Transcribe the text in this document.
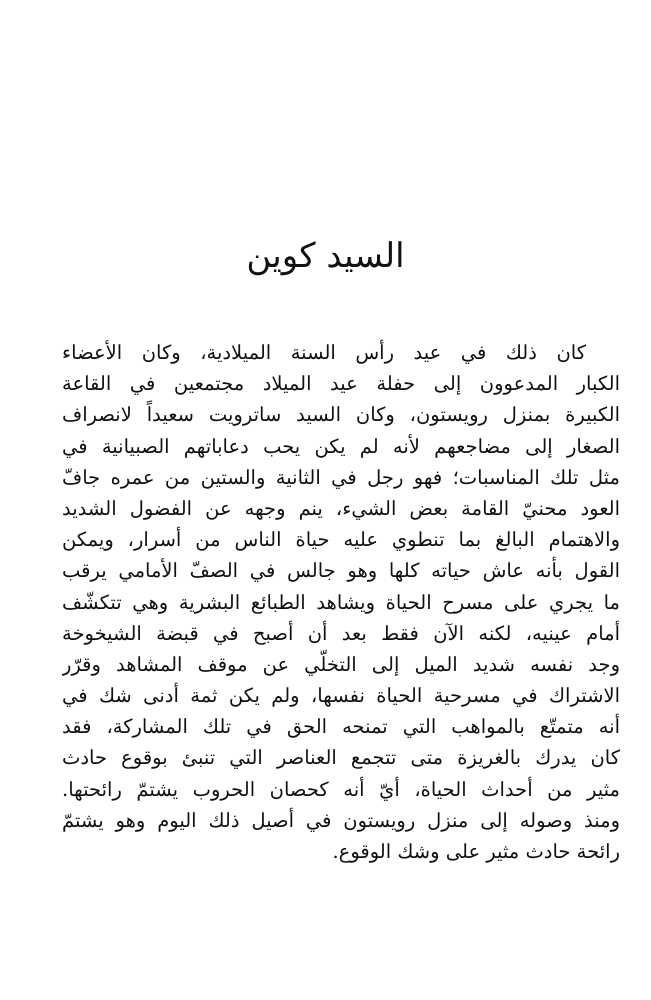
السيد كوين
كان ذلك في عيد رأس السنة الميلادية، وكان الأعضاء
الكبار المدعوون إلى حفلة عيد الميلاد مجتمعين في القاعة
الكبيرة بمنزل رويستون، وكان السيد ساترويت سعيداً لانصراف
الصغار إلى مضاجعهم لأنه لم يكن يحب دعاباتهم الصبيانية في
مثل تلك المناسبات؛ فهو رجل في الثانية والستين من عمره جافّ
العود محنيّ القامة بعض الشيء، ينم وجهه عن الفضول الشديد
والاهتمام البالغ بما تنطوي عليه حياة الناس من أسرار، ويمكن
القول بأنه عاش حياته كلها وهو جالس في الصفّ الأمامي يرقب
ما يجري على مسرح الحياة ويشاهد الطبائع البشرية وهي تتكشّف
أمام عينيه، لكنه الآن فقط بعد أن أصبح في قبضة الشيخوخة
وجد نفسه شديد الميل إلى التخلّي عن موقف المشاهد وقرّر
الاشتراك في مسرحية الحياة نفسها، ولم يكن ثمة أدنى شك في
أنه متمتّع بالمواهب التي تمنحه الحق في تلك المشاركة، فقد
كان يدرك بالغريزة متى تتجمع العناصر التي تنبئ بوقوع حادث
مثير من أحداث الحياة، أيّ أنه كحصان الحروب يشتمّ رائحتها.
ومنذ وصوله إلى منزل رويستون في أصيل ذلك اليوم وهو يشتمّ
رائحة حادث مثير على وشك الوقوع.
